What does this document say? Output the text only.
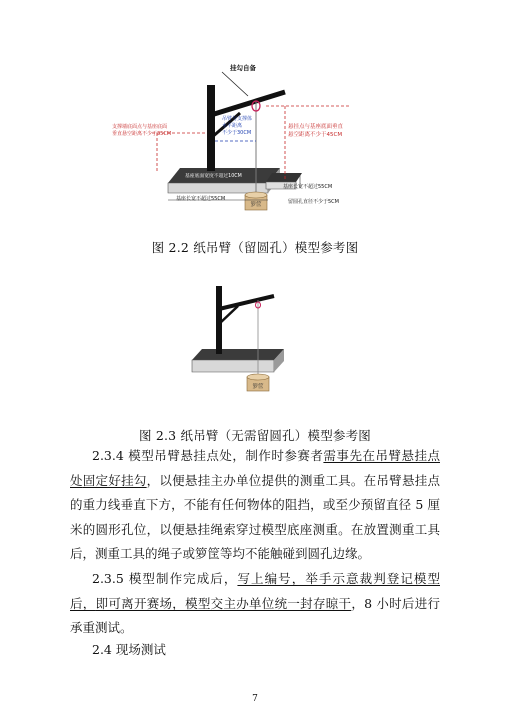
箩筐
挂勾自备
支撑墙底面点与基座底面
垂直悬空距离不少于35CM
吊臂与支撑体
水平距离
不少于30CM
悬挂点与基座底面垂直
悬空距离不少于45CM
基座底面宽度不超过10CM
基座长宽不超过55CM
基座长宽不超过55CM	留圆孔直径不少于5CM
图 2.2 纸吊臂（留圆孔）模型参考图
箩筐
图 2.3 纸吊臂（无需留圆孔）模型参考图

2.3.4 模型吊臂悬挂点处，制作时参赛者需事先在吊臂悬挂点处固定好挂勾，以便悬挂主办单位提供的测重工具。在吊臂悬挂点的重力线垂直下方，不能有任何物体的阻挡，或至少预留直径 5 厘米的圆形孔位，以便悬挂绳索穿过模型底座测重。在放置测重工具后，测重工具的绳子或箩筐等均不能触碰到圆孔边缘。

2.3.5 模型制作完成后，写上编号，举手示意裁判登记模型后，即可离开赛场，模型交主办单位统一封存晾干，8 小时后进行承重测试。

2.4 现场测试
7
